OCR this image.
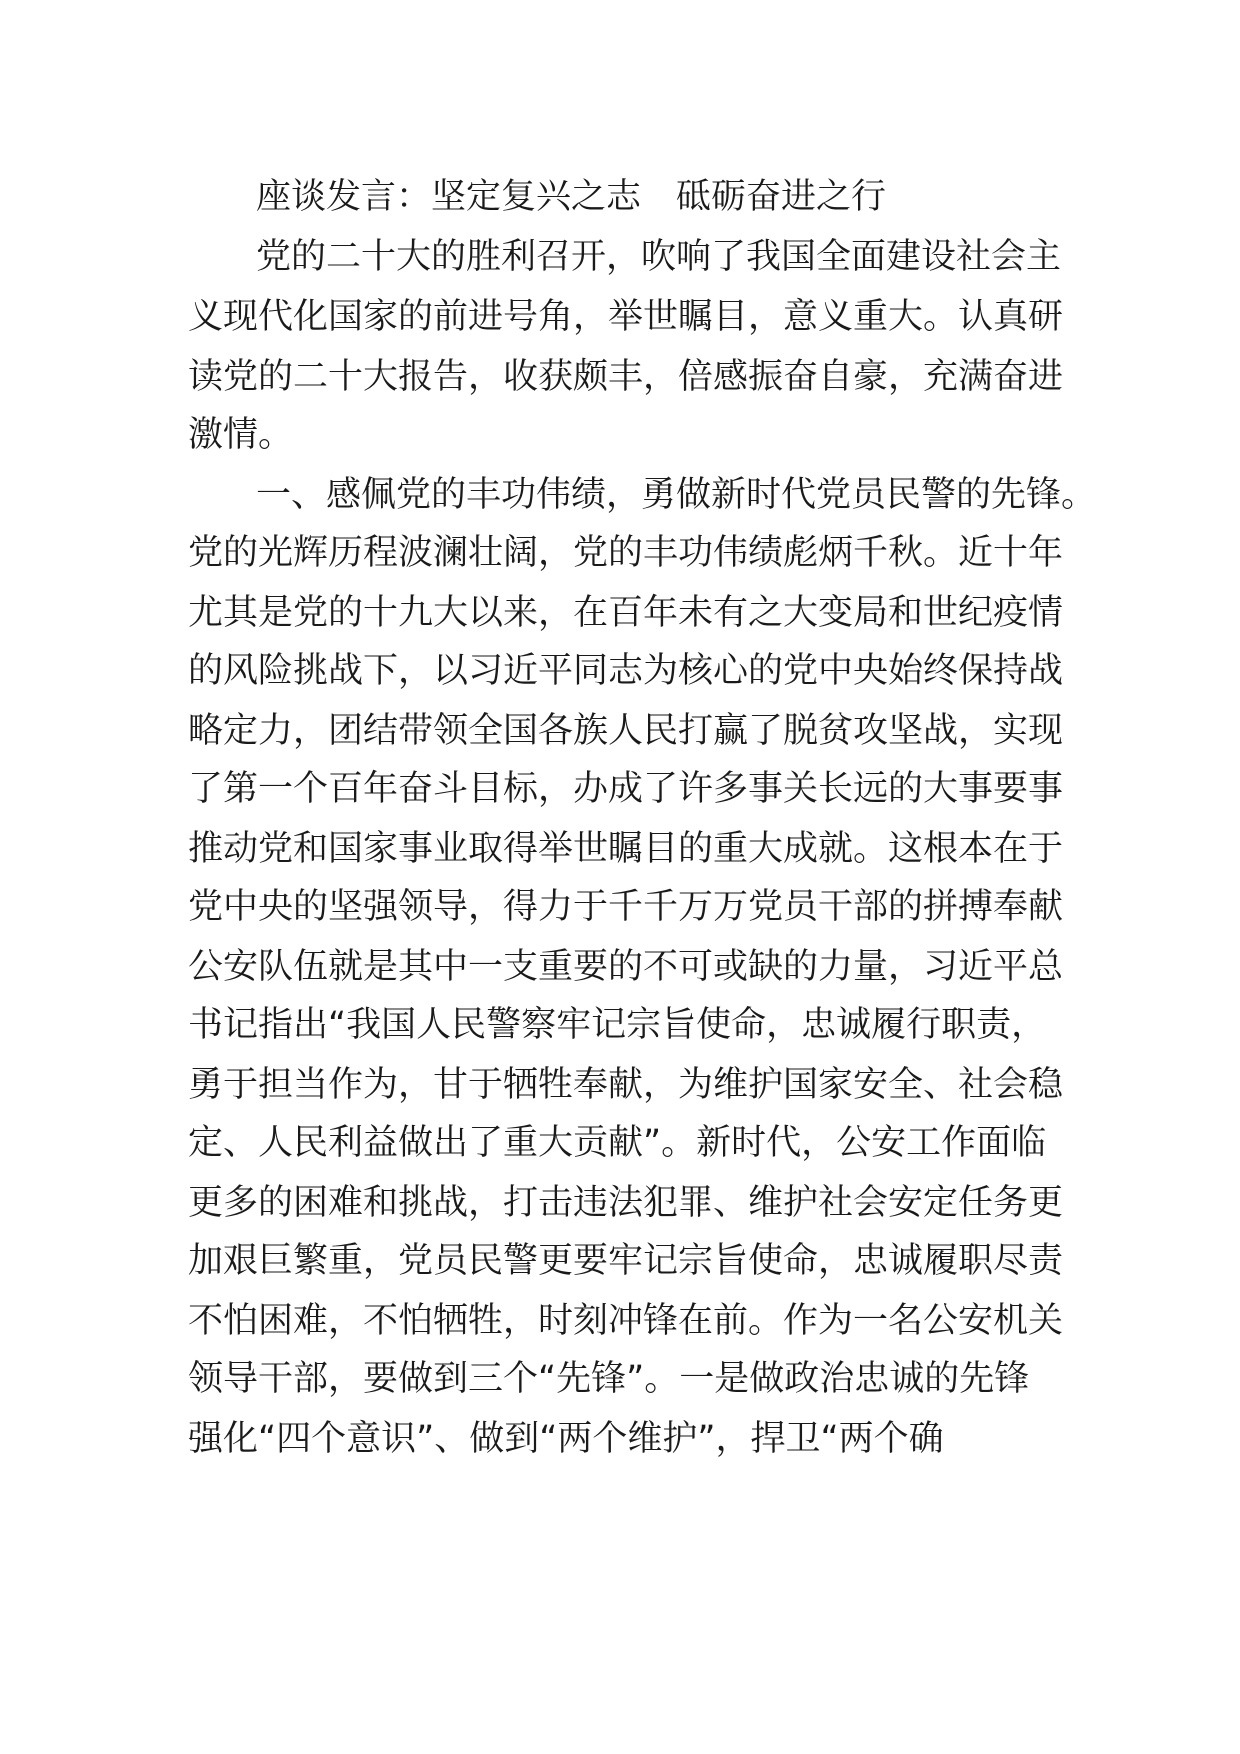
座谈发言：坚定复兴之志　砥砺奋进之行
党的二十大的胜利召开，吹响了我国全面建设社会主
义现代化国家的前进号角，举世瞩目，意义重大。认真研
读党的二十大报告，收获颇丰，倍感振奋自豪，充满奋进
激情。
一、感佩党的丰功伟绩，勇做新时代党员民警的先锋。
党的光辉历程波澜壮阔，党的丰功伟绩彪炳千秋。近十年
尤其是党的十九大以来，在百年未有之大变局和世纪疫情
的风险挑战下，以习近平同志为核心的党中央始终保持战
略定力，团结带领全国各族人民打赢了脱贫攻坚战，实现
了第一个百年奋斗目标，办成了许多事关长远的大事要事
推动党和国家事业取得举世瞩目的重大成就。这根本在于
党中央的坚强领导，得力于千千万万党员干部的拼搏奉献
公安队伍就是其中一支重要的不可或缺的力量，习近平总
书记指出“我国人民警察牢记宗旨使命，忠诚履行职责，
勇于担当作为，甘于牺牲奉献，为维护国家安全、社会稳
定、人民利益做出了重大贡献”。新时代，公安工作面临
更多的困难和挑战，打击违法犯罪、维护社会安定任务更
加艰巨繁重，党员民警更要牢记宗旨使命，忠诚履职尽责
不怕困难，不怕牺牲，时刻冲锋在前。作为一名公安机关
领导干部，要做到三个“先锋”。一是做政治忠诚的先锋
强化“四个意识”、做到“两个维护”，捍卫“两个确
